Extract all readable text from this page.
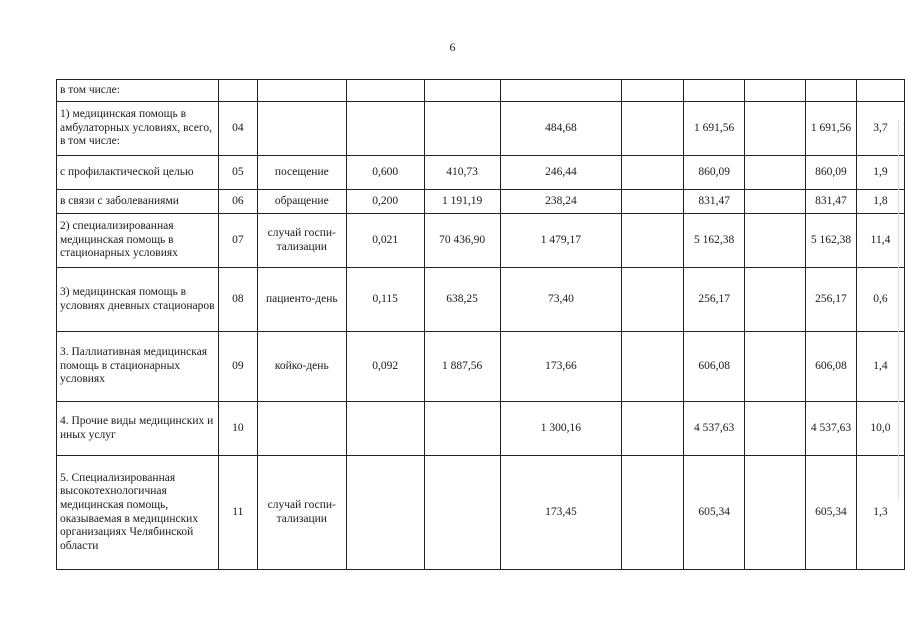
6
в том числе:										
1) медицинская помощь в амбулаторных условиях, всего, в том числе:	04				484,68		1 691,56		1 691,56	3,7
с профилактической целью	05	посещение	0,600	410,73	246,44		860,09		860,09	1,9
в связи с заболеваниями	06	обращение	0,200	1 191,19	238,24		831,47		831,47	1,8
2) специализированная медицинская помощь в стационарных условиях	07	случай госпи-тализации	0,021	70 436,90	1 479,17		5 162,38		5 162,38	11,4
3) медицинская помощь в условиях дневных стационаров	08	пациенто-день	0,115	638,25	73,40		256,17		256,17	0,6
3. Паллиативная медицинская помощь в стационарных условиях	09	койко-день	0,092	1 887,56	173,66		606,08		606,08	1,4
4. Прочие виды медицинских и иных услуг	10				1 300,16		4 537,63		4 537,63	10,0
5. Специализированная высокотехнологичная медицинская помощь, оказываемая в медицинских организациях Челябинской области	11	случай госпи-тализации			173,45		605,34		605,34	1,3
